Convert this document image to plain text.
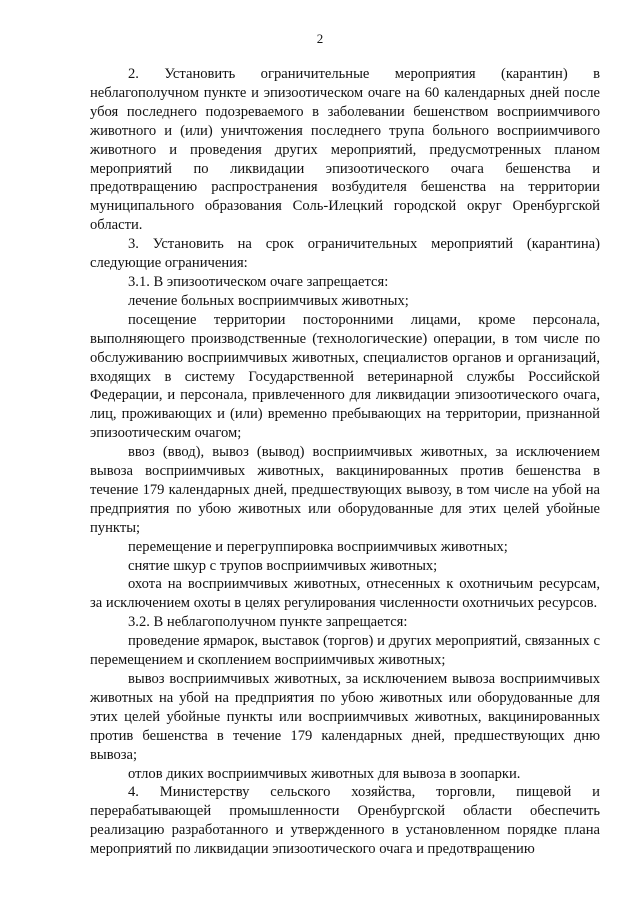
2

2. Установить ограничительные мероприятия (карантин) в неблагополучном пункте и эпизоотическом очаге на 60 календарных дней после убоя последнего подозреваемого в заболевании бешенством восприимчивого животного и (или) уничтожения последнего трупа больного восприимчивого животного и проведения других мероприятий, предусмотренных планом мероприятий по ликвидации эпизоотического очага бешенства и предотвращению распространения возбудителя бешенства на территории муниципального образования Соль-Илецкий городской округ Оренбургской области.

3. Установить на срок ограничительных мероприятий (карантина) следующие ограничения:

3.1. В эпизоотическом очаге запрещается:

лечение больных восприимчивых животных;

посещение территории посторонними лицами, кроме персонала, выполняющего производственные (технологические) операции, в том числе по обслуживанию восприимчивых животных, специалистов органов и организаций, входящих в систему Государственной ветеринарной службы Российской Федерации, и персонала, привлеченного для ликвидации эпизоотического очага, лиц, проживающих и (или) временно пребывающих на территории, признанной эпизоотическим очагом;

ввоз (ввод), вывоз (вывод) восприимчивых животных, за исключением вывоза восприимчивых животных, вакцинированных против бешенства в течение 179 календарных дней, предшествующих вывозу, в том числе на убой на предприятия по убою животных или оборудованные для этих целей убойные пункты;

перемещение и перегруппировка восприимчивых животных;

снятие шкур с трупов восприимчивых животных;

охота на восприимчивых животных, отнесенных к охотничьим ресурсам, за исключением охоты в целях регулирования численности охотничьих ресурсов.

3.2. В неблагополучном пункте запрещается:

проведение ярмарок, выставок (торгов) и других мероприятий, связанных с перемещением и скоплением восприимчивых животных;

вывоз восприимчивых животных, за исключением вывоза восприимчивых животных на убой на предприятия по убою животных или оборудованные для этих целей убойные пункты или восприимчивых животных, вакцинированных против бешенства в течение 179 календарных дней, предшествующих дню вывоза;

отлов диких восприимчивых животных для вывоза в зоопарки.

4. Министерству сельского хозяйства, торговли, пищевой и перерабатывающей промышленности Оренбургской области обеспечить реализацию разработанного и утвержденного в установленном порядке плана мероприятий по ликвидации эпизоотического очага и предотвращению
